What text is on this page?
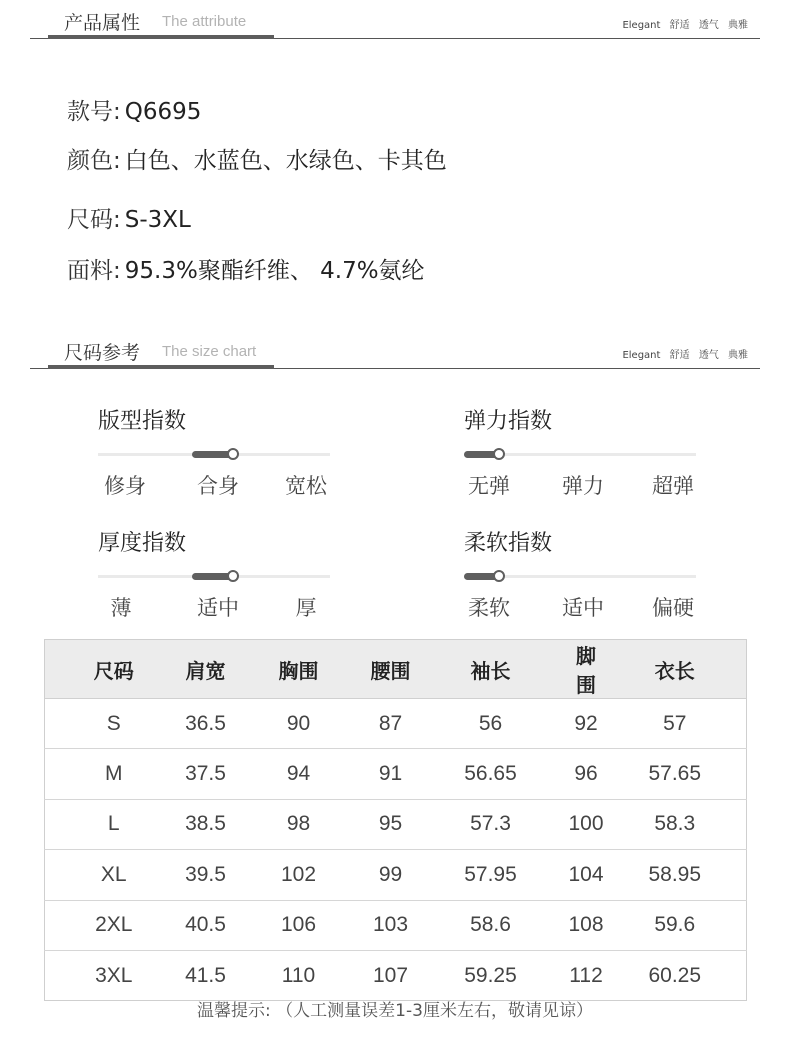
产品属性 The attribute	Elegant 舒适 透气 典雅
款号: Q6695
颜色: 白色、水蓝色、水绿色、卡其色
尺码: S-3XL
面料: 95.3%聚酯纤维、 4.7%氨纶
尺码参考 The size chart	Elegant 舒适 透气 典雅
版型指数
修身	合身	宽松
弹力指数
无弹	弹力	超弹
厚度指数
薄	适中	厚
柔软指数
柔软	适中	偏硬
尺码	肩宽	胸围	腰围	袖长	脚围	衣长
S	36.5	90	87	56	92	57
M	37.5	94	91	56.65	96	57.65
L	38.5	98	95	57.3	100	58.3
XL	39.5	102	99	57.95	104	58.95
2XL	40.5	106	103	58.6	108	59.6
3XL	41.5	110	107	59.25	112	60.25
温馨提示: （人工测量误差1-3厘米左右，敬请见谅）
